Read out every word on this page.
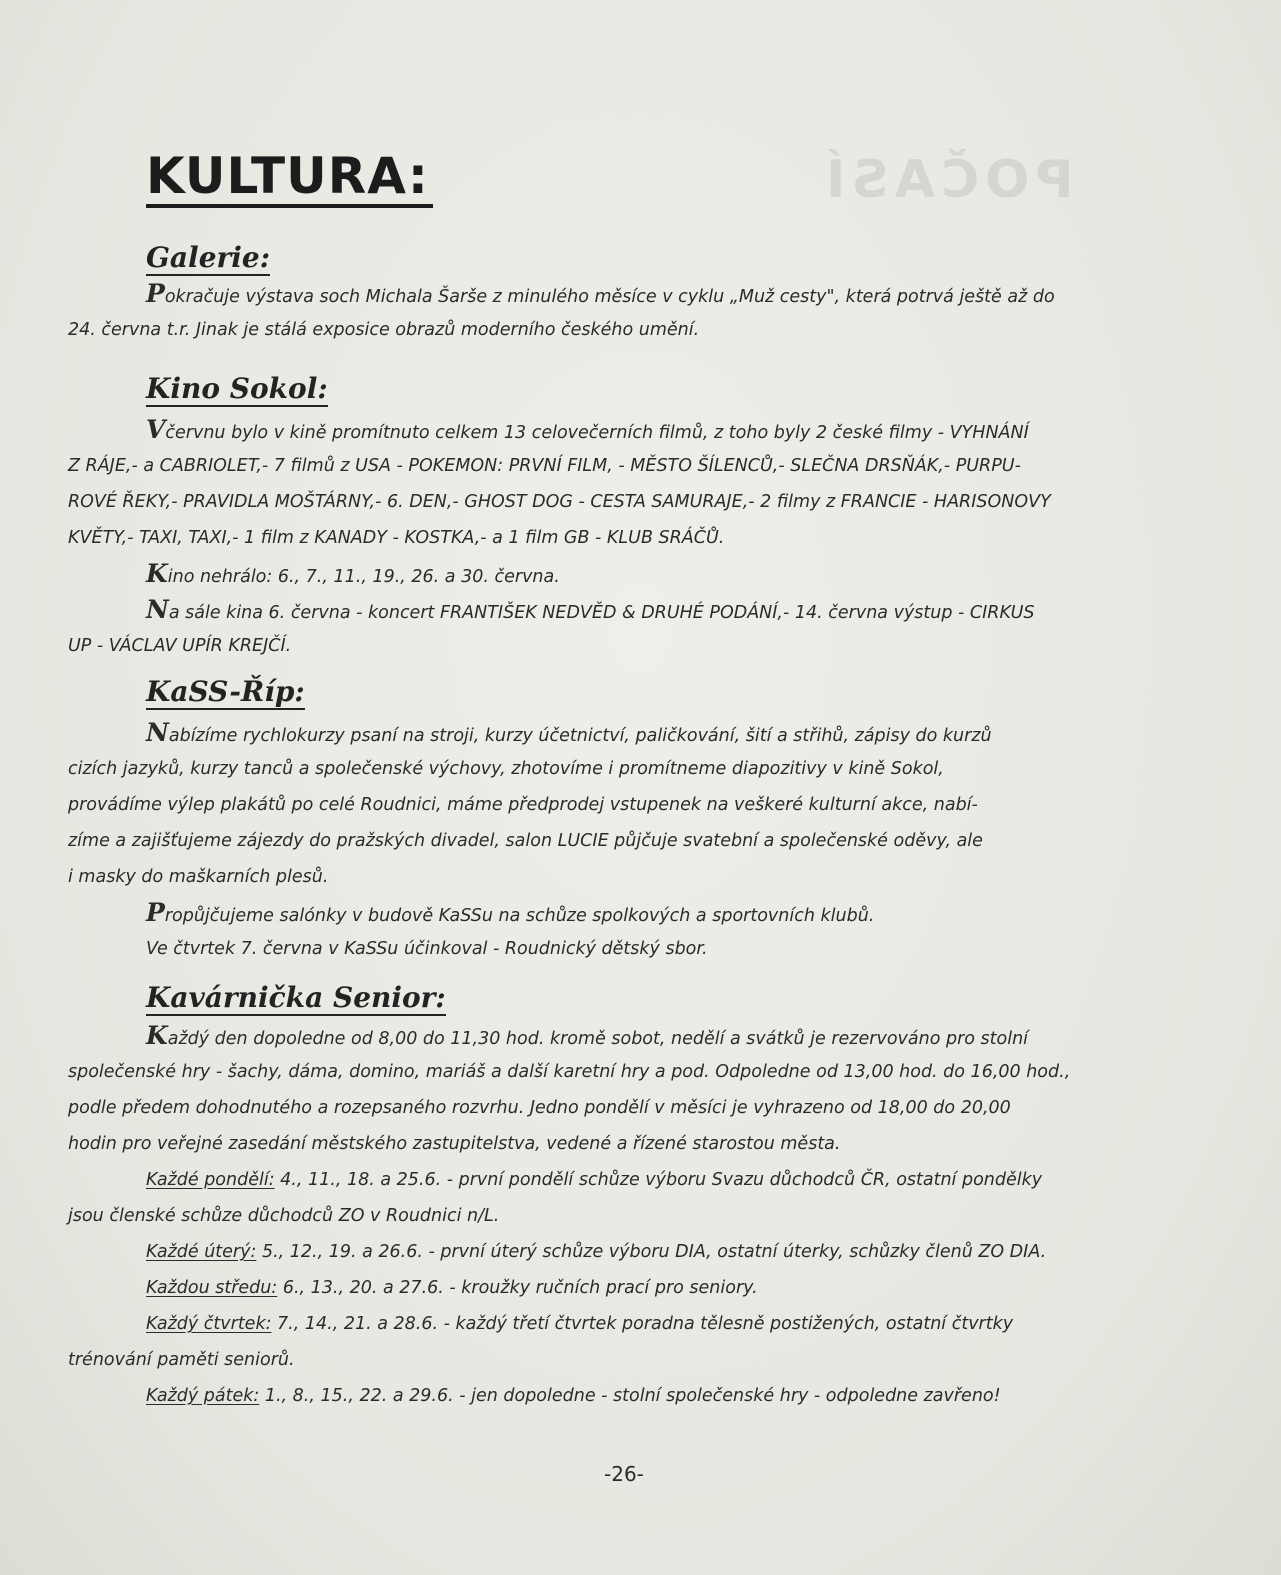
POČASÍ
KULTURA:
Galerie:
Pokračuje výstava soch Michala Šarše z minulého měsíce v cyklu „Muž cesty", která potrvá ještě až do
24. června t.r. Jinak je stálá exposice obrazů moderního českého umění.
Kino Sokol:
Včervnu bylo v kině promítnuto celkem 13 celovečerních filmů, z toho byly 2 české filmy - VYHNÁNÍ
Z RÁJE,- a CABRIOLET,- 7 filmů z USA - POKEMON: PRVNÍ FILM, - MĚSTO ŠÍLENCŮ,- SLEČNA DRSŇÁK,- PURPU-
ROVÉ ŘEKY,- PRAVIDLA MOŠTÁRNY,- 6. DEN,- GHOST DOG - CESTA SAMURAJE,- 2 filmy z FRANCIE - HARISONOVY
KVĚTY,- TAXI, TAXI,- 1 film z KANADY - KOSTKA,- a 1 film GB - KLUB SRÁČŮ.
Kino nehrálo: 6., 7., 11., 19., 26. a 30. června.
Na sále kina 6. června - koncert FRANTIŠEK NEDVĚD & DRUHÉ PODÁNÍ,- 14. června výstup - CIRKUS
UP - VÁCLAV UPÍR KREJČÍ.
KaSS-Říp:
Nabízíme rychlokurzy psaní na stroji, kurzy účetnictví, paličkování, šití a střihů, zápisy do kurzů
cizích jazyků, kurzy tanců a společenské výchovy, zhotovíme i promítneme diapozitivy v kině Sokol,
provádíme výlep plakátů po celé Roudnici, máme předprodej vstupenek na veškeré kulturní akce, nabí-
zíme a zajišťujeme zájezdy do pražských divadel, salon LUCIE půjčuje svatební a společenské oděvy, ale
i masky do maškarních plesů.
Propůjčujeme salónky v budově KaSSu na schůze spolkových a sportovních klubů.
Ve čtvrtek 7. června v KaSSu účinkoval - Roudnický dětský sbor.
Kavárnička Senior:
Každý den dopoledne od 8,00 do 11,30 hod. kromě sobot, nedělí a svátků je rezervováno pro stolní
společenské hry - šachy, dáma, domino, mariáš a další karetní hry a pod. Odpoledne od 13,00 hod. do 16,00 hod.,
podle předem dohodnutého a rozepsaného rozvrhu. Jedno pondělí v měsíci je vyhrazeno od 18,00 do 20,00
hodin pro veřejné zasedání městského zastupitelstva, vedené a řízené starostou města.
Každé pondělí: 4., 11., 18. a 25.6. - první pondělí schůze výboru Svazu důchodců ČR, ostatní pondělky
jsou členské schůze důchodců ZO v Roudnici n/L.
Každé úterý: 5., 12., 19. a 26.6. - první úterý schůze výboru DIA, ostatní úterky, schůzky členů ZO DIA.
Každou středu: 6., 13., 20. a 27.6. - kroužky ručních prací pro seniory.
Každý čtvrtek: 7., 14., 21. a 28.6. - každý třetí čtvrtek poradna tělesně postižených, ostatní čtvrtky
trénování paměti seniorů.
Každý pátek: 1., 8., 15., 22. a 29.6. - jen dopoledne - stolní společenské hry - odpoledne zavřeno!
-26-
